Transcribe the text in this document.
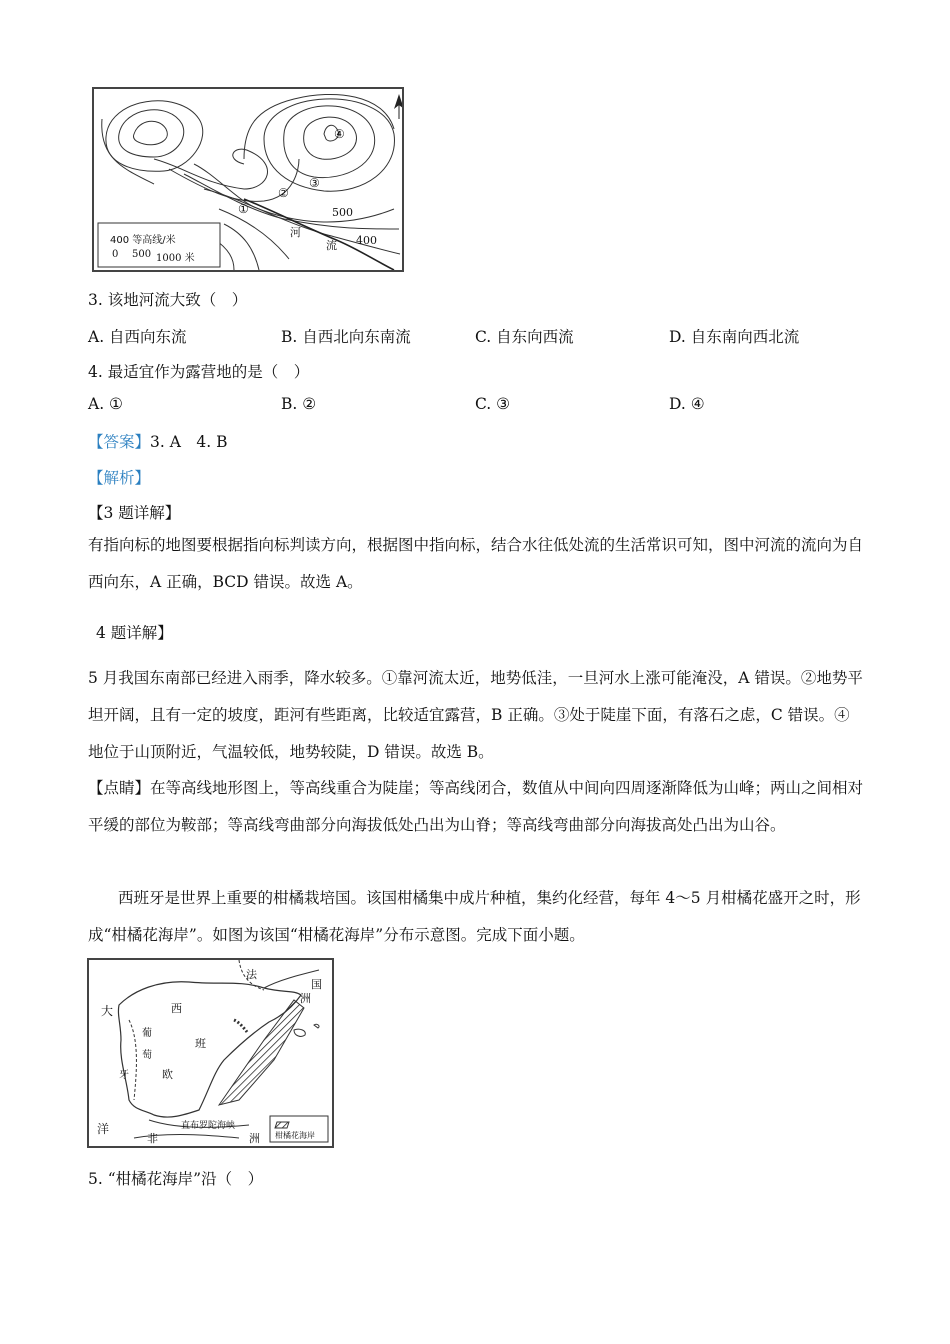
400 等高线/米
0 500 1000 米
500
400
河
流
①
②
③
④
3. 该地河流大致（　）
A. 自西向东流	B. 自西北向东南流	C. 自东向西流	D. 自东南向西北流
4. 最适宜作为露营地的是（　）
A. ①	B. ②	C. ③	D. ④
【答案】3. A　4. B
【解析】
【3 题详解】
有指向标的地图要根据指向标判读方向，根据图中指向标，结合水往低处流的生活常识可知，图中河流的流向为自西向东，A 正确，BCD 错误。故选 A。
4 题详解】
5 月我国东南部已经进入雨季，降水较多。①靠河流太近，地势低洼，一旦河水上涨可能淹没，A 错误。②地势平坦开阔，且有一定的坡度，距河有些距离，比较适宜露营，B 正确。③处于陡崖下面，有落石之虑，C 错误。④地位于山顶附近，气温较低，地势较陡，D 错误。故选 B。
【点睛】在等高线地形图上，等高线重合为陡崖；等高线闭合，数值从中间向四周逐渐降低为山峰；两山之间相对平缓的部位为鞍部；等高线弯曲部分向海拔低处凸出为山脊；等高线弯曲部分向海拔高处凸出为山谷。
西班牙是世界上重要的柑橘栽培国。该国柑橘集中成片种植，集约化经营，每年 4～5 月柑橘花盛开之时，形成“柑橘花海岸”。如图为该国“柑橘花海岸”分布示意图。完成下面小题。
法
国
洲
大	西
葡
萄
班
牙	欧
洋
非	洲
直布罗陀海峡
柑橘花海岸
5. “柑橘花海岸”沿（　）
